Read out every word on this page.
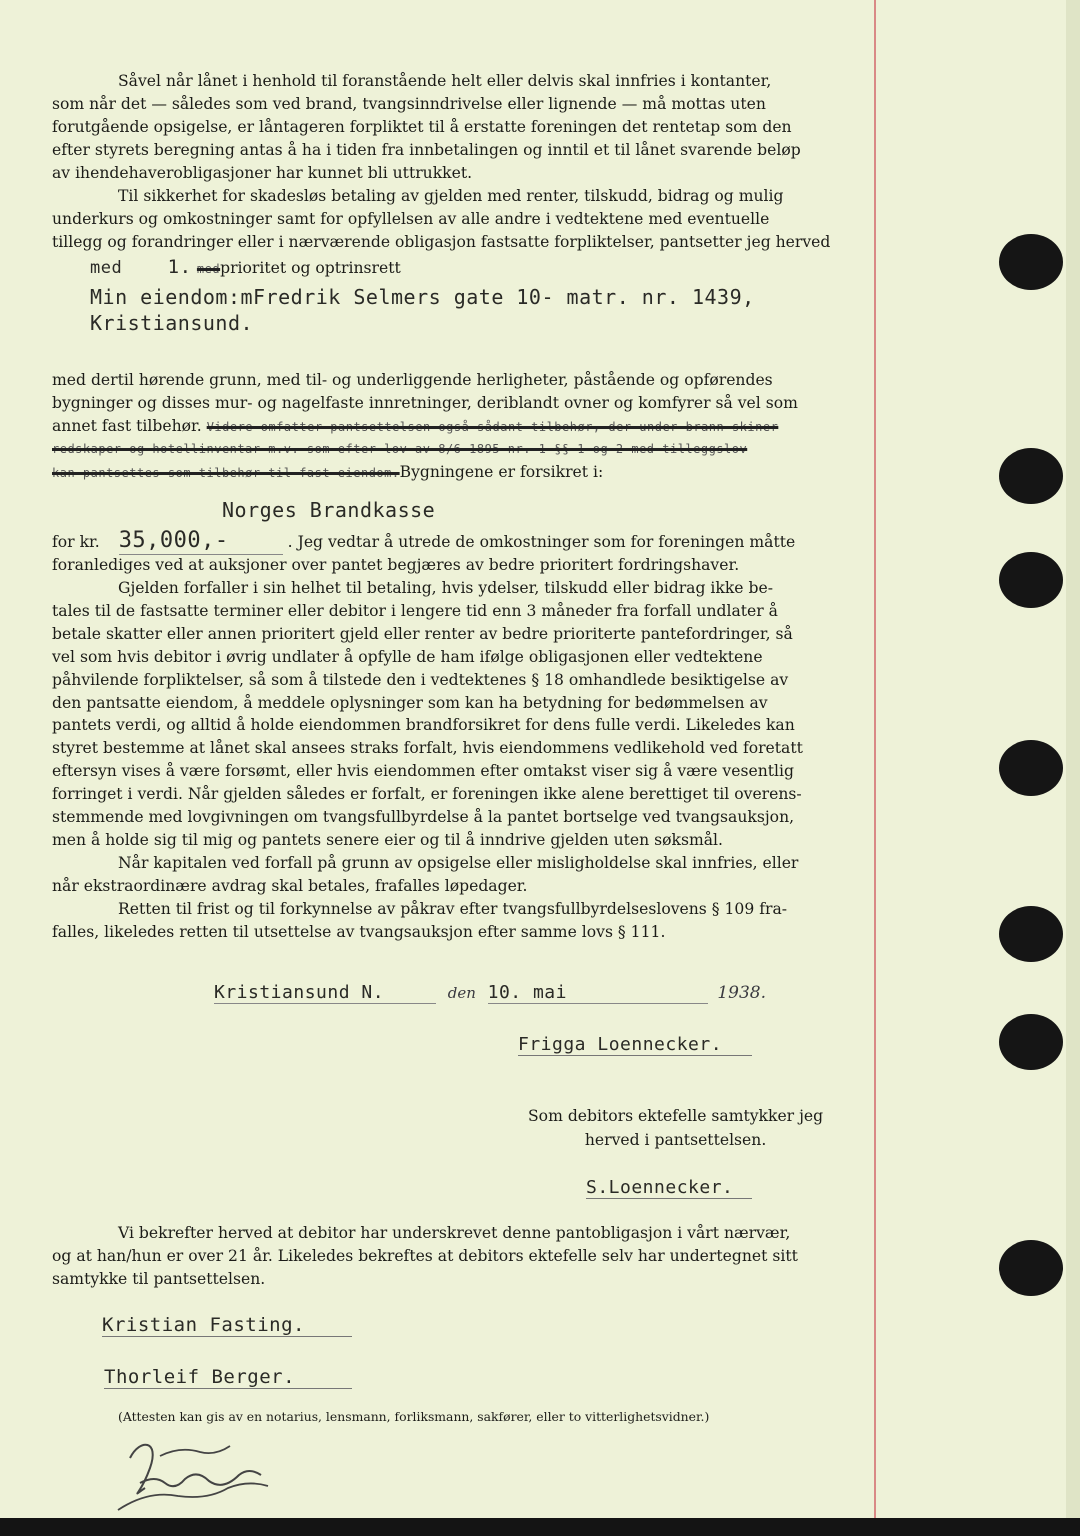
Såvel når lånet i henhold til foranstående helt eller delvis skal innfries i kontanter,
som når det — således som ved brand, tvangsinndrivelse eller lignende — må mottas uten
forutgående opsigelse, er låntageren forpliktet til å erstatte foreningen det rentetap som den
efter styrets beregning antas å ha i tiden fra innbetalingen og inntil et til lånet svarende beløp
av ihendehaverobligasjoner har kunnet bli uttrukket.
Til sikkerhet for skadesløs betaling av gjelden med renter, tilskudd, bidrag og mulig
underkurs og omkostninger samt for opfyllelsen av alle andre i vedtektene med eventuelle
tillegg og forandringer eller i nærværende obligasjon fastsatte forpliktelser, pantsetter jeg herved
med 1. medprioritet og optrinsrett
Min eiendom:mFredrik Selmers gate 10- matr. nr. 1439,
Kristiansund.
med dertil hørende grunn, med til- og underliggende herligheter, påstående og opførendes
bygninger og disses mur- og nagelfaste innretninger, deriblandt ovner og komfyrer så vel som
annet fast tilbehør. Videre omfatter pantsettelsen også sådant tilbehør, der under brann skiner
redskaper og hotellinventar m.v. som efter lov av 8/6 1895 nr. 1 §§ 1 og 2 med tilleggslov
kan pantsettes som tilbehør til fast eiendom.Bygningene er forsikret i:
Norges Brandkasse
for kr. 35,000,-	. Jeg vedtar å utrede de omkostninger som for foreningen måtte
foranlediges ved at auksjoner over pantet begjæres av bedre prioritert fordringshaver.
Gjelden forfaller i sin helhet til betaling, hvis ydelser, tilskudd eller bidrag ikke be-
tales til de fastsatte terminer eller debitor i lengere tid enn 3 måneder fra forfall undlater å
betale skatter eller annen prioritert gjeld eller renter av bedre prioriterte pantefordringer, så
vel som hvis debitor i øvrig undlater å opfylle de ham ifølge obligasjonen eller vedtektene
påhvilende forpliktelser, så som å tilstede den i vedtektenes § 18 omhandlede besiktigelse av
den pantsatte eiendom, å meddele oplysninger som kan ha betydning for bedømmelsen av
pantets verdi, og alltid å holde eiendommen brandforsikret for dens fulle verdi. Likeledes kan
styret bestemme at lånet skal ansees straks forfalt, hvis eiendommens vedlikehold ved foretatt
eftersyn vises å være forsømt, eller hvis eiendommen efter omtakst viser sig å være vesentlig
forringet i verdi. Når gjelden således er forfalt, er foreningen ikke alene berettiget til overens-
stemmende med lovgivningen om tvangsfullbyrdelse å la pantet bortselge ved tvangsauksjon,
men å holde sig til mig og pantets senere eier og til å inndrive gjelden uten søksmål.
Når kapitalen ved forfall på grunn av opsigelse eller misligholdelse skal innfries, eller
når ekstraordinære avdrag skal betales, frafalles løpedager.
Retten til frist og til forkynnelse av påkrav efter tvangsfullbyrdelseslovens § 109 fra-
falles, likeledes retten til utsettelse av tvangsauksjon efter samme lovs § 111.
Kristiansund N.	den 10. mai	1938.
Frigga Loennecker.
Som debitors ektefelle samtykker jeg
herved i pantsettelsen.
S.Loennecker.
Vi bekrefter herved at debitor har underskrevet denne pantobligasjon i vårt nærvær,
og at han/hun er over 21 år. Likeledes bekreftes at debitors ektefelle selv har undertegnet sitt
samtykke til pantsettelsen.
Kristian Fasting.
Thorleif Berger.
(Attesten kan gis av en notarius, lensmann, forliksmann, sakfører, eller to vitterlighetsvidner.)
